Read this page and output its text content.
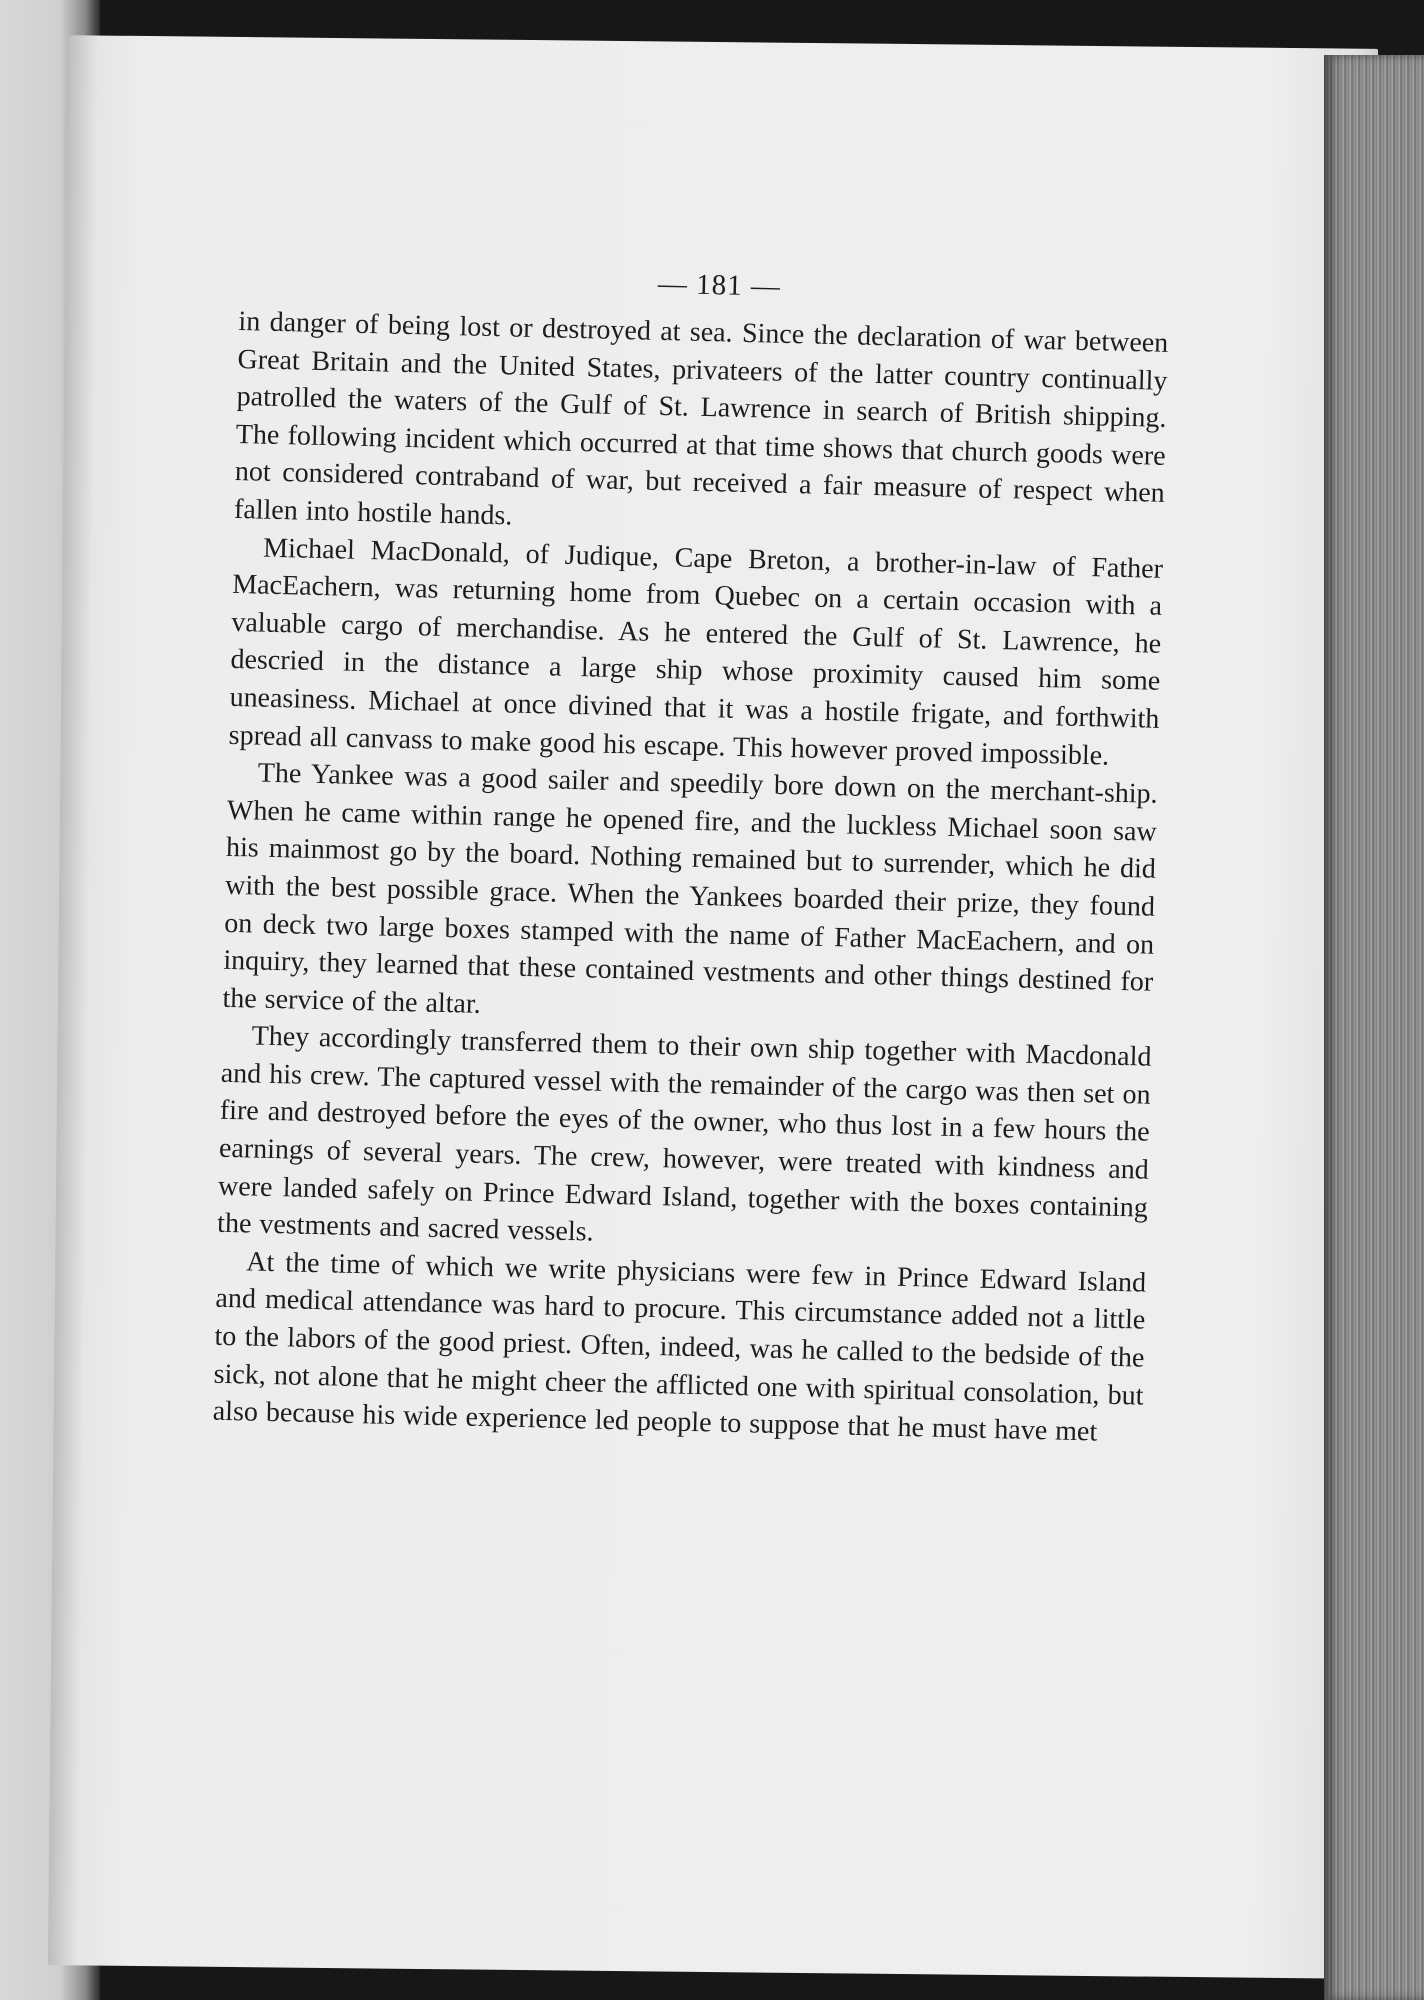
— 181 —

in danger of being lost or destroyed at sea. Since the declaration of war between Great Britain and the United States, privateers of the latter country continually patrolled the waters of the Gulf of St. Lawrence in search of British shipping. The following incident which occurred at that time shows that church goods were not considered contraband of war, but received a fair measure of respect when fallen into hostile hands.

Michael MacDonald, of Judique, Cape Breton, a brother-in-law of Father MacEachern, was returning home from Quebec on a certain occasion with a valuable cargo of merchandise. As he entered the Gulf of St. Lawrence, he descried in the distance a large ship whose proximity caused him some uneasiness. Michael at once divined that it was a hostile frigate, and forthwith spread all canvass to make good his escape. This however proved impossible.

The Yankee was a good sailer and speedily bore down on the merchant-ship. When he came within range he opened fire, and the luckless Michael soon saw his mainmost go by the board. Nothing remained but to surrender, which he did with the best possible grace. When the Yankees boarded their prize, they found on deck two large boxes stamped with the name of Father MacEachern, and on inquiry, they learned that these contained vestments and other things destined for the service of the altar.

They accordingly transferred them to their own ship together with Macdonald and his crew. The captured vessel with the remainder of the cargo was then set on fire and destroyed before the eyes of the owner, who thus lost in a few hours the earnings of several years. The crew, however, were treated with kindness and were landed safely on Prince Edward Island, together with the boxes containing the vestments and sacred vessels.

At the time of which we write physicians were few in Prince Edward Island and medical attendance was hard to procure. This circumstance added not a little to the labors of the good priest. Often, indeed, was he called to the bedside of the sick, not alone that he might cheer the afflicted one with spiritual consolation, but also because his wide experience led people to suppose that he must have met
